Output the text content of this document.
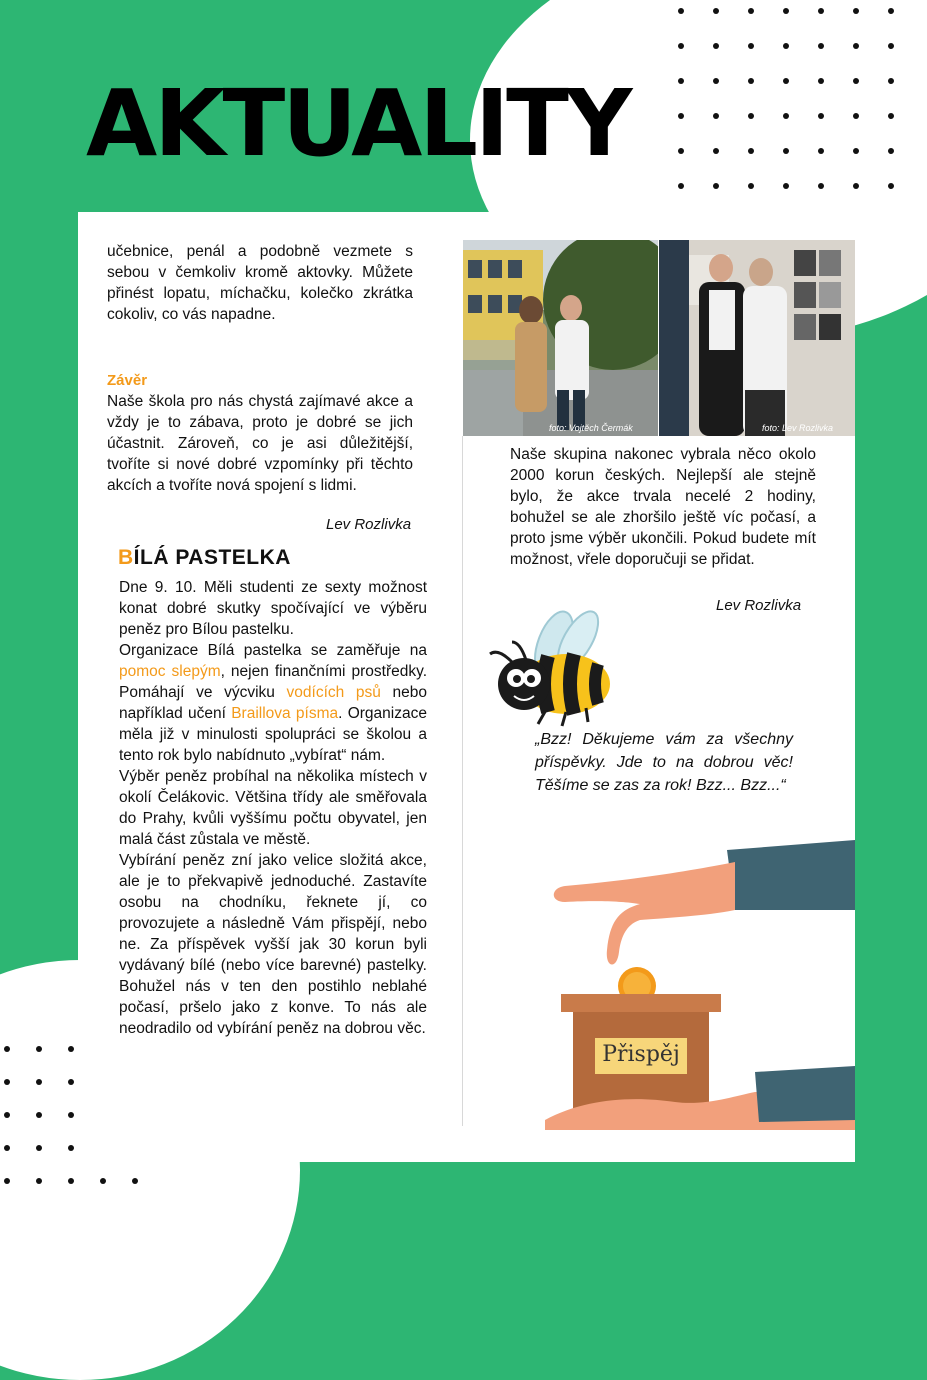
AKTUALITY

učebnice, penál a podobně vezmete s sebou v čemkoliv kromě aktovky. Můžete přinést lopatu, míchačku, kolečko zkrátka cokoliv, co vás napadne.

Závěr

Naše škola pro nás chystá zajímavé akce a vždy je to zábava, proto je dobré se jich účastnit. Zároveň, co je asi důležitější, tvoříte si nové dobré vzpomínky při těchto akcích a tvoříte nová spojení s lidmi.

Lev Rozlivka
BÍLÁ PASTELKA

Dne 9. 10. Měli studenti ze sexty možnost konat dobré skutky spočívající ve výběru peněz pro Bílou pastelku.

Organizace Bílá pastelka se zaměřuje na pomoc slepým, nejen finančními prostředky. Pomáhají ve výcviku vodících psů nebo například učení Braillova písma. Organizace měla již v minulosti spolupráci se školou a tento rok bylo nabídnuto „vybírat“ nám.

Výběr peněz probíhal na několika místech v okolí Čelákovic. Většina třídy ale směřovala do Prahy, kvůli vyššímu počtu obyvatel, jen malá část zůstala ve městě.

Vybírání peněz zní jako velice složitá akce, ale je to překvapivě jednoduché. Zastavíte osobu na chodníku, řeknete jí, co provozujete a následně Vám přispějí, nebo ne. Za příspěvek vyšší jak 30 korun byli vydávaný bílé (nebo více barevné) pastelky. Bohužel nás v ten den postihlo neblahé počasí, pršelo jako z konve. To nás ale neodradilo od vybírání peněz na dobrou věc.

foto: Vojtěch Čermák	foto: Lev Rozlivka

Naše skupina nakonec vybrala něco okolo 2000 korun českých. Nejlepší ale stejně bylo, že akce trvala necelé 2 hodiny, bohužel se ale zhoršilo ještě víc počasí, a proto jsme výběr ukončili. Pokud budete mít možnost, vřele doporučuji se přidat.

Lev Rozlivka

„Bzz! Děkujeme vám za všechny příspěvky. Jde to na dobrou věc! Těšíme se zas za rok! Bzz... Bzz...“

Přispěj
